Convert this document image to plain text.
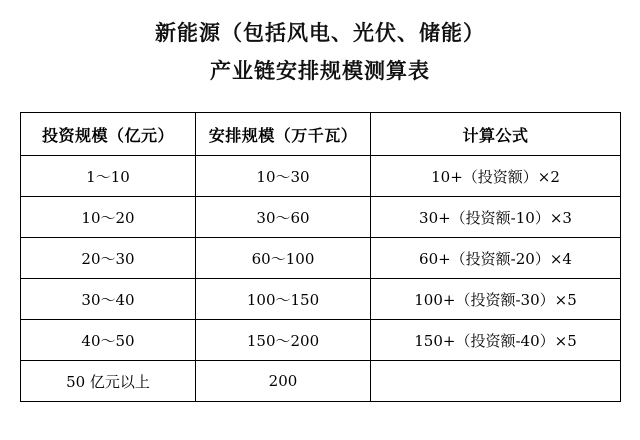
新能源（包括风电、光伏、储能）
产业链安排规模测算表
投资规模（亿元）	安排规模（万千瓦）	计算公式

1～10	10～30	10+（投资额）×2

10～20	30～60	30+（投资额-10）×3

20～30	60～100	60+（投资额-20）×4

30～40	100～150	100+（投资额-30）×5

40～50	150～200	150+（投资额-40）×5

50 亿元以上	200	
